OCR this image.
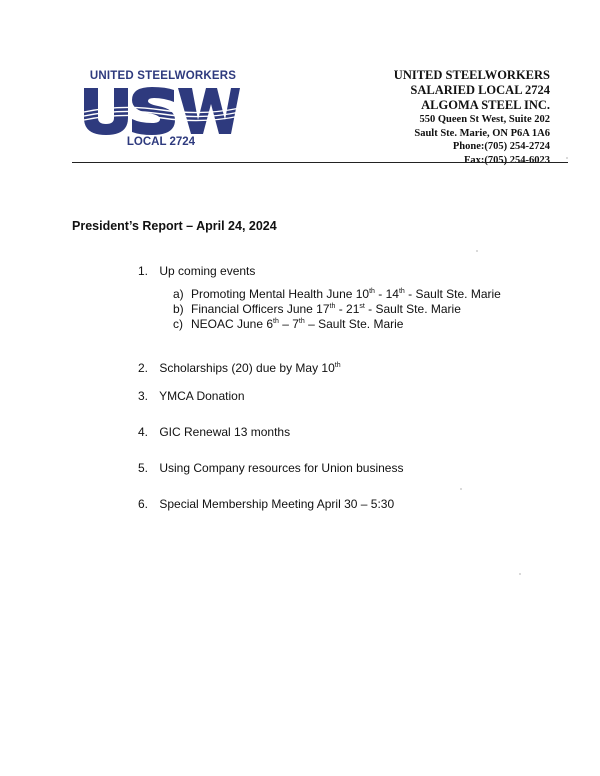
UNITED STEELWORKERS
LOCAL 2724
UNITED STEELWORKERS
SALARIED LOCAL 2724
ALGOMA STEEL INC.
550 Queen St West, Suite 202
Sault Ste. Marie, ON P6A 1A6
Phone:(705) 254-2724
Fax:(705) 254-6023
President’s Report – April 24, 2024
1. Up coming events
a) Promoting Mental Health June 10th - 14th - Sault Ste. Marie
b) Financial Officers June 17th - 21st - Sault Ste. Marie
c) NEOAC June 6th – 7th – Sault Ste. Marie
2. Scholarships (20) due by May 10th
3. YMCA Donation
4. GIC Renewal 13 months
5. Using Company resources for Union business
6. Special Membership Meeting April 30 – 5:30
